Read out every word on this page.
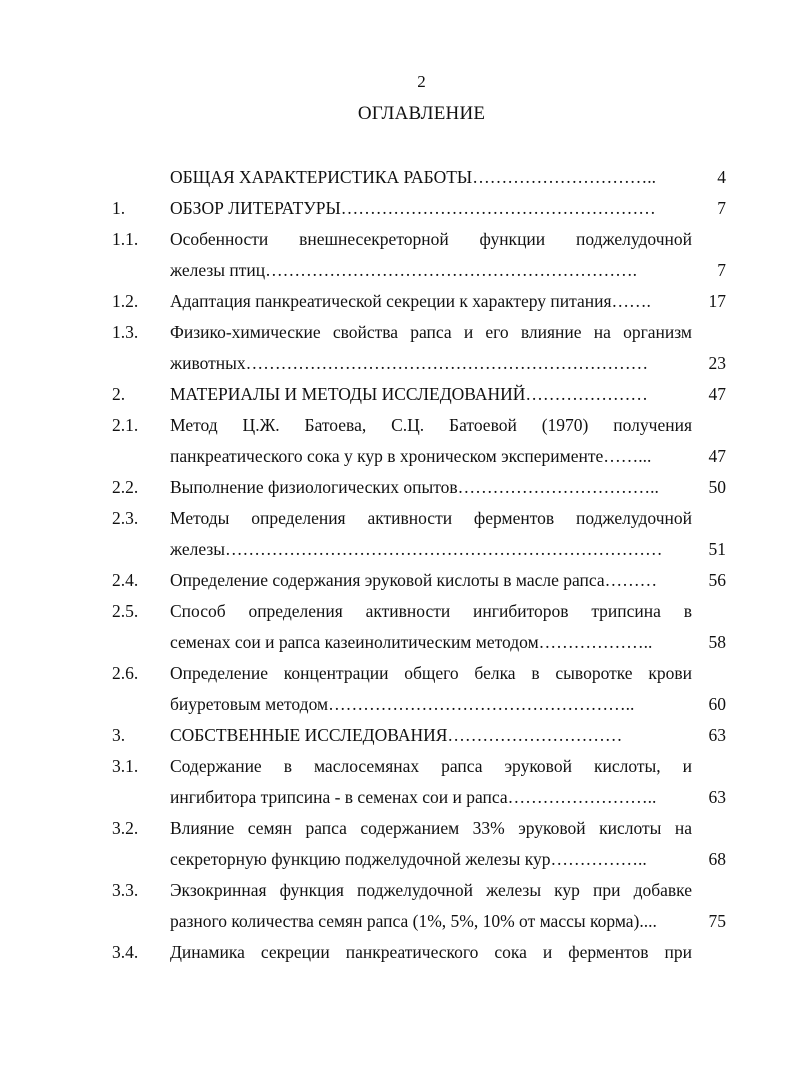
2
ОГЛАВЛЕНИЕ
ОБЩАЯ ХАРАКТЕРИСТИКА РАБОТЫ…………………………..	4
1.	ОБЗОР ЛИТЕРАТУРЫ………………………………………………	7
1.1. Особенности внешнесекреторной функции поджелудочной
железы птиц……………………………………………………….	7
1.2. Адаптация панкреатической секреции к характеру питания…….	17
1.3. Физико-химические свойства рапса и его влияние на организм
животных……………………………………………………………	23
2.	МАТЕРИАЛЫ И МЕТОДЫ ИССЛЕДОВАНИЙ…………………	47
2.1. Метод Ц.Ж. Батоева, С.Ц. Батоевой (1970) получения
панкреатического сока у кур в хроническом эксперименте……...	47
2.2. Выполнение физиологических опытов……………………………..	50
2.3. Методы определения активности ферментов поджелудочной
железы…………………………………………………………………	51
2.4. Определение содержания эруковой кислоты в масле рапса………	56
2.5. Способ определения активности ингибиторов трипсина в
семенах сои и рапса казеинолитическим методом………………..	58
2.6. Определение концентрации общего белка в сыворотке крови
биуретовым методом……………………………………………..	60
3.	СОБСТВЕННЫЕ ИССЛЕДОВАНИЯ…………………………	63
3.1. Содержание в маслосемянах рапса эруковой кислоты, и
ингибитора трипсина - в семенах сои и рапса……………………..	63
3.2. Влияние семян рапса содержанием 33% эруковой кислоты на
секреторную функцию поджелудочной железы кур……………..	68
3.3. Экзокринная функция поджелудочной железы кур при добавке
разного количества семян рапса (1%, 5%, 10% от массы корма)....	75
3.4. Динамика секреции панкреатического сока и ферментов при
